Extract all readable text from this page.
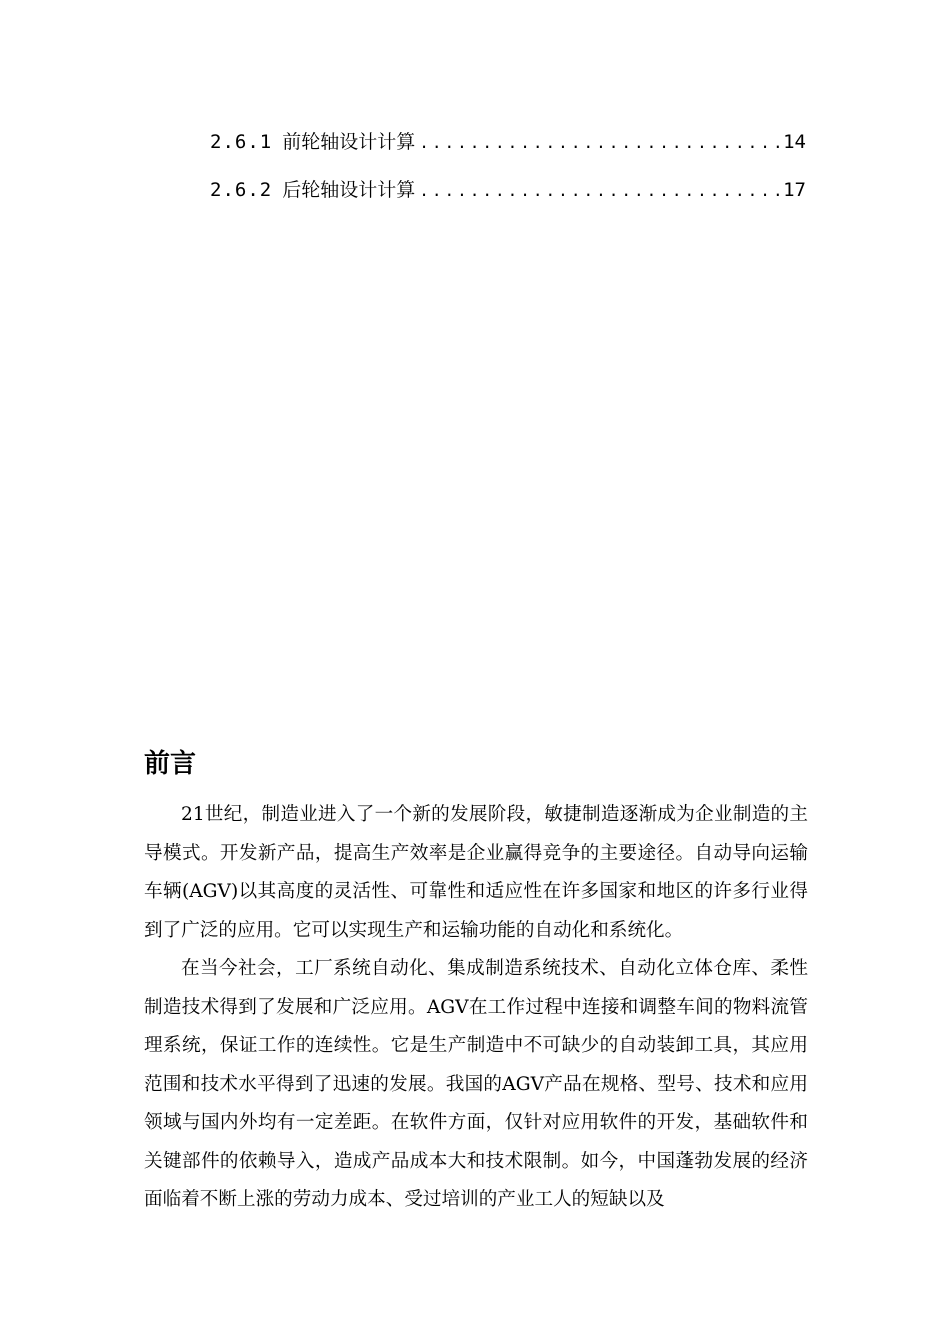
2.6.1 前轮轴设计计算 .....	14
2.6.2 后轮轴设计计算 .....	17
前言

21世纪，制造业进入了一个新的发展阶段，敏捷制造逐渐成为企业制造的主导模式。开发新产品，提高生产效率是企业赢得竞争的主要途径。自动导向运输车辆(AGV)以其高度的灵活性、可靠性和适应性在许多国家和地区的许多行业得到了广泛的应用。它可以实现生产和运输功能的自动化和系统化。

在当今社会，工厂系统自动化、集成制造系统技术、自动化立体仓库、柔性制造技术得到了发展和广泛应用。AGV在工作过程中连接和调整车间的物料流管理系统，保证工作的连续性。它是生产制造中不可缺少的自动装卸工具，其应用范围和技术水平得到了迅速的发展。我国的AGV产品在规格、型号、技术和应用领域与国内外均有一定差距。在软件方面，仅针对应用软件的开发，基础软件和关键部件的依赖导入，造成产品成本大和技术限制。如今，中国蓬勃发展的经济面临着不断上涨的劳动力成本、受过培训的产业工人的短缺以及
